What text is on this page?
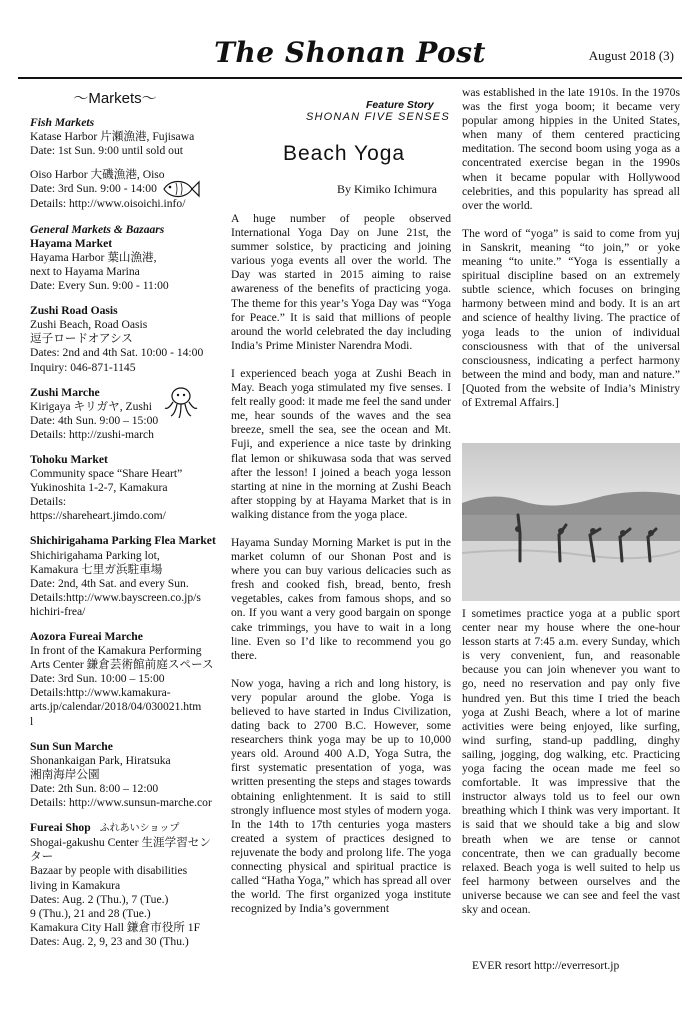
The Shonan Post	August 2018 (3)
～Markets～
Fish Markets
Katase Harbor 片瀬漁港, Fujisawa
Date: 1st Sun. 9:00 until sold out
Oiso Harbor 大磯漁港, Oiso
Date: 3rd Sun. 9:00 - 14:00
Details: http://www.oisoichi.info/
General Markets & Bazaars
Hayama Market
Hayama Harbor 葉山漁港,
next to Hayama Marina
Date: Every Sun. 9:00 - 11:00
Zushi Road Oasis
Zushi Beach, Road Oasis
逗子ロードオアシス
Dates: 2nd and 4th Sat. 10:00 - 14:00
Inquiry: 046-871-1145
Zushi Marche
Kirigaya キリガヤ, Zushi
Date: 4th Sun. 9:00 – 15:00
Details: http://zushi-march
Tohoku Market
Community space “Share Heart”
Yukinoshita 1-2-7, Kamakura
Details:
https://shareheart.jimdo.com/
Shichirigahama Parking Flea Market
Shichirigahama Parking lot,
Kamakura 七里ガ浜駐車場
Date: 2nd, 4th Sat. and every Sun.
Details:http://www.bayscreen.co.jp/s
hichiri-frea/
Aozora Fureai Marche
In front of the Kamakura Performing
Arts Center 鎌倉芸術館前庭スペース
Date: 3rd Sun. 10:00 – 15:00
Details:http://www.kamakura-
arts.jp/calendar/2018/04/030021.htm
l
Sun Sun Marche
Shonankaigan Park, Hiratsuka
湘南海岸公園
Date: 2th Sun. 8:00 – 12:00
Details: http://www.sunsun-marche.cor
Fureai Shop ふれあいショップ
Shogai-gakushu Center 生涯学習セン
ター
Bazaar by people with disabilities
living in Kamakura
Dates: Aug. 2 (Thu.), 7 (Tue.)
9 (Thu.), 21 and 28 (Tue.)
Kamakura City Hall 鎌倉市役所 1F
Dates: Aug. 2, 9, 23 and 30 (Thu.)
Feature Story
SHONAN FIVE SENSES
Beach Yoga
By Kimiko Ichimura

A huge number of people observed International Yoga Day on June 21st, the summer solstice, by practicing and joining various yoga events all over the world. The Day was started in 2015 aiming to raise awareness of the benefits of practicing yoga. The theme for this year’s Yoga Day was “Yoga for Peace.” It is said that millions of people around the world celebrated the day including India’s Prime Minister Narendra Modi.

I experienced beach yoga at Zushi Beach in May. Beach yoga stimulated my five senses. I felt really good: it made me feel the sand under me, hear sounds of the waves and the sea breeze, smell the sea, see the ocean and Mt. Fuji, and experience a nice taste by drinking flat lemon or shikuwasa soda that was served after the lesson! I joined a beach yoga lesson starting at nine in the morning at Zushi Beach after stopping by at Hayama Market that is in walking distance from the yoga place.

Hayama Sunday Morning Market is put in the market column of our Shonan Post and is where you can buy various delicacies such as fresh and cooked fish, bread, bento, fresh vegetables, cakes from famous shops, and so on. If you want a very good bargain on sponge cake trimmings, you have to wait in a long line. Even so I’d like to recommend you go there.

Now yoga, having a rich and long history, is very popular around the globe. Yoga is believed to have started in Indus Civilization, dating back to 2700 B.C. However, some researchers think yoga may be up to 10,000 years old. Around 400 A.D, Yoga Sutra, the first systematic presentation of yoga, was written presenting the steps and stages towards obtaining enlightenment. It is said to still strongly influence most styles of modern yoga. In the 14th to 17th centuries yoga masters created a system of practices designed to rejuvenate the body and prolong life. The yoga connecting physical and spiritual practice is called “Hatha Yoga,” which has spread all over the world. The first organized yoga institute recognized by India’s government

was established in the late 1910s. In the 1970s was the first yoga boom; it became very popular among hippies in the United States, when many of them centered practicing meditation. The second boom using yoga as a concentrated exercise began in the 1990s when it became popular with Hollywood celebrities, and this popularity has spread all over the world.

The word of “yoga” is said to come from yuj in Sanskrit, meaning “to join,” or yoke meaning “to unite.” “Yoga is essentially a spiritual discipline based on an extremely subtle science, which focuses on bringing harmony between mind and body. It is an art and science of healthy living. The practice of yoga leads to the union of individual consciousness with that of the universal consciousness, indicating a perfect harmony between the mind and body, man and nature.” [Quoted from the website of India’s Ministry of Extremal Affairs.]

I sometimes practice yoga at a public sport center near my house where the one-hour lesson starts at 7:45 a.m. every Sunday, which is very convenient, fun, and reasonable because you can join whenever you want to go, need no reservation and pay only five hundred yen. But this time I tried the beach yoga at Zushi Beach, where a lot of marine activities were being enjoyed, like surfing, wind surfing, stand-up paddling, dinghy sailing, jogging, dog walking, etc. Practicing yoga facing the ocean made me feel so comfortable. It was impressive that the instructor always told us to feel our own breathing which I think was very important. It is said that we should take a big and slow breath when we are tense or cannot concentrate, then we can gradually become relaxed. Beach yoga is well suited to help us feel harmony between ourselves and the universe because we can see and feel the vast sky and ocean.

EVER resort http://everresort.jp
